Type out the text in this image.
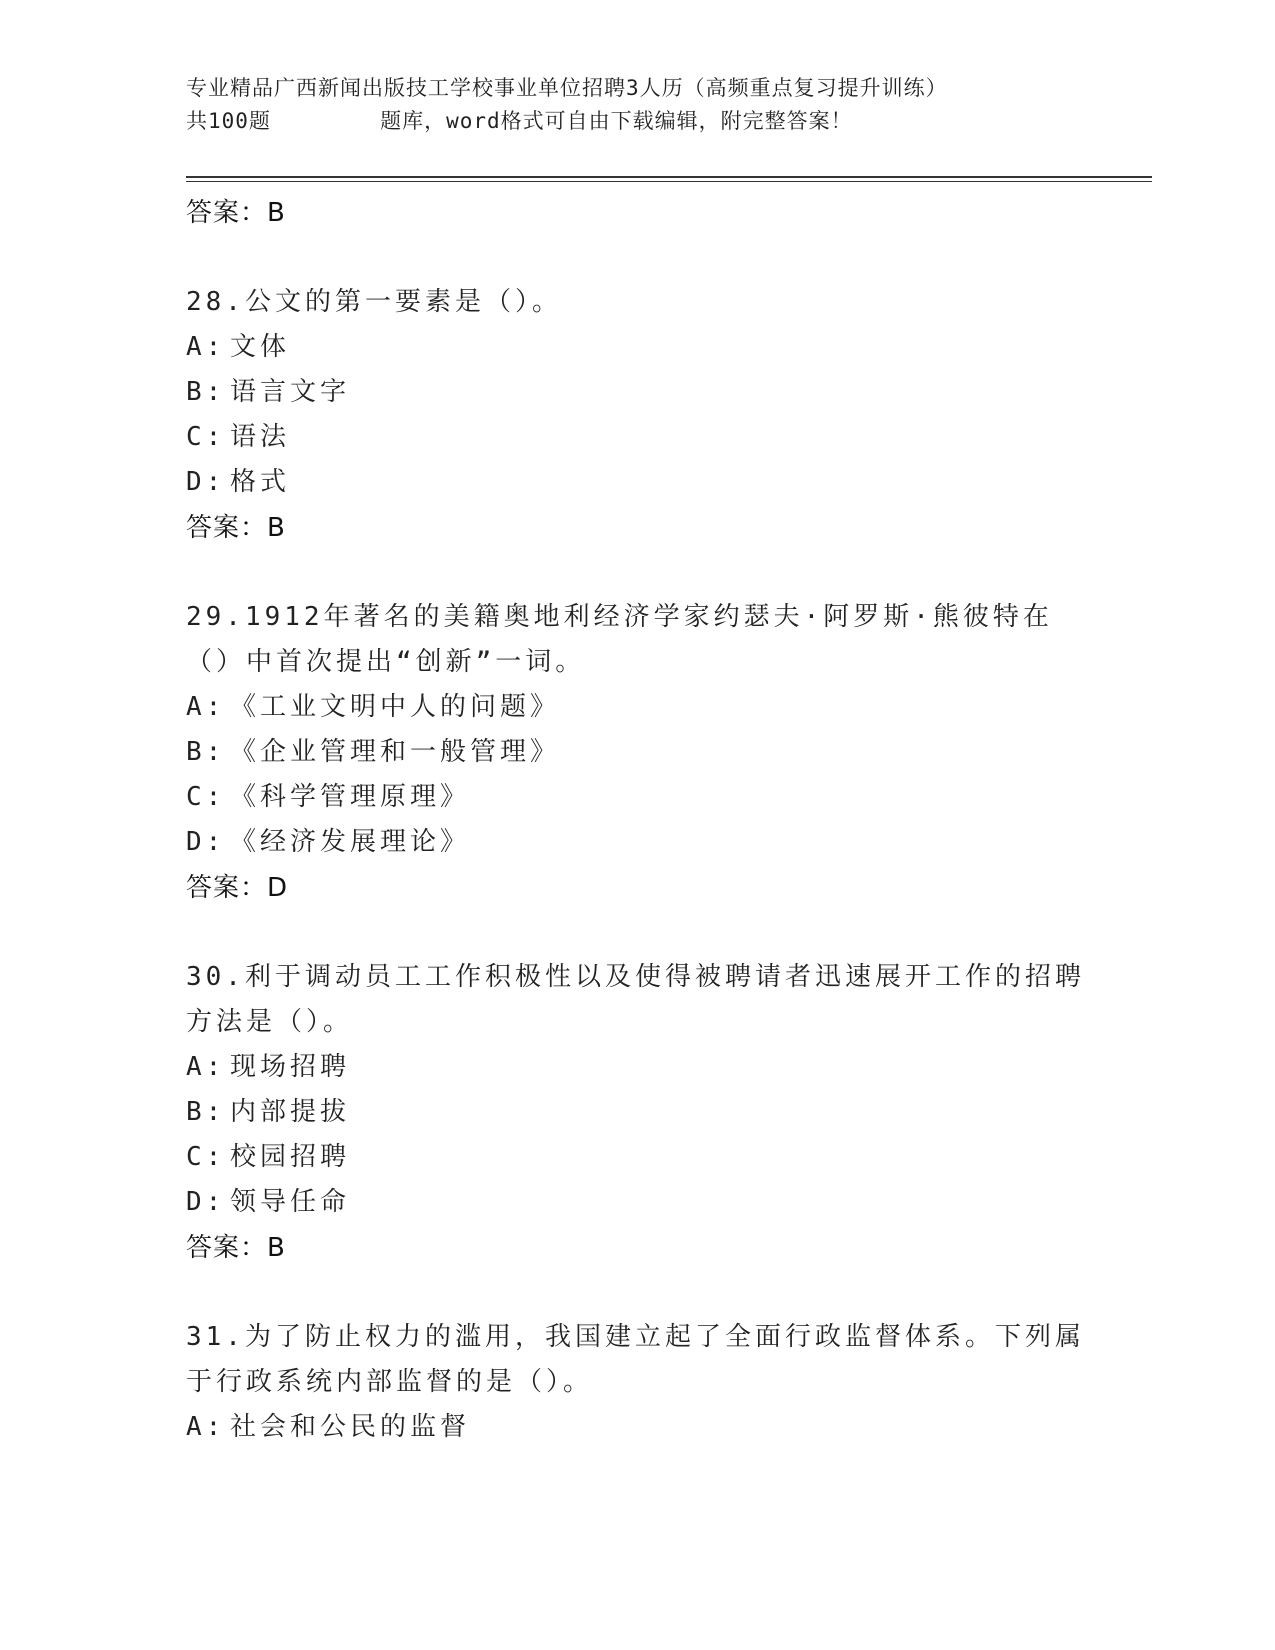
专业精品广西新闻出版技工学校事业单位招聘3人历（高频重点复习提升训练）
共100题        题库，word格式可自由下载编辑，附完整答案！
答案：B
28.公文的第一要素是（）。
A: 文体
B: 语言文字
C: 语法
D: 格式
答案：B
29.1912年著名的美籍奥地利经济学家约瑟夫·阿罗斯·熊彼特在（）中首次提出“创新”一词。
A: 《工业文明中人的问题》
B: 《企业管理和一般管理》
C: 《科学管理原理》
D: 《经济发展理论》
答案：D
30.利于调动员工工作积极性以及使得被聘请者迅速展开工作的招聘方法是（）。
A: 现场招聘
B: 内部提拔
C: 校园招聘
D: 领导任命
答案：B
31.为了防止权力的滥用，我国建立起了全面行政监督体系。下列属于行政系统内部监督的是（）。
A: 社会和公民的监督
